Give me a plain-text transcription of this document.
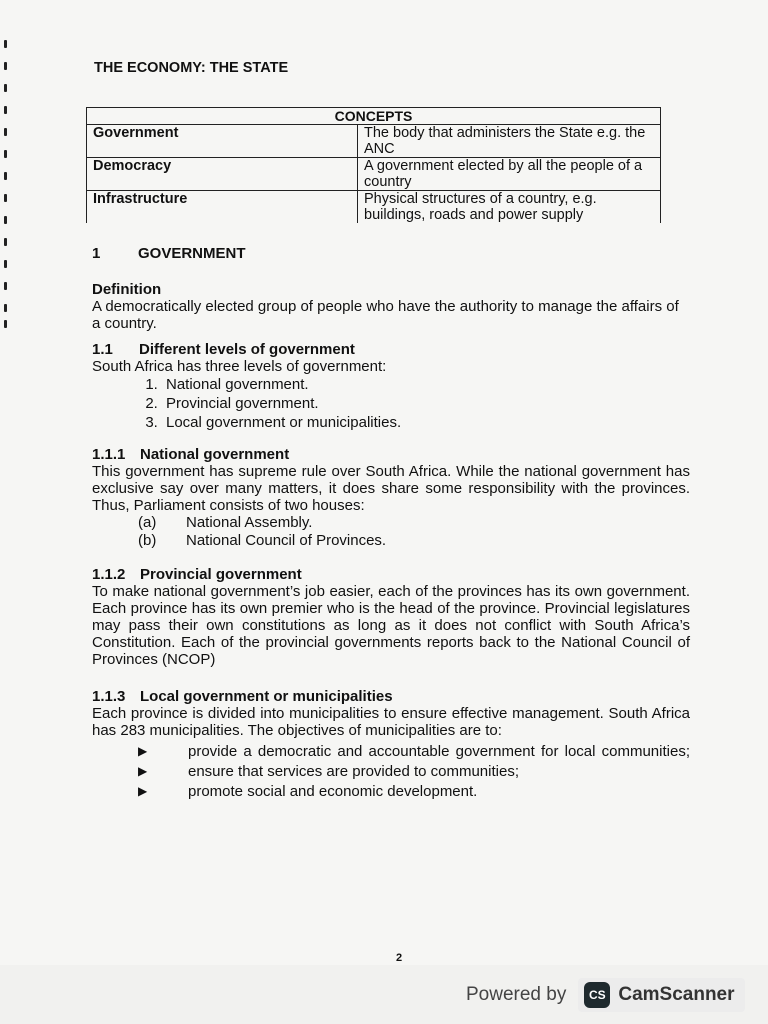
THE ECONOMY: THE STATE
CONCEPTS	
Government	The body that administers the State e.g. the ANC
Democracy	A government elected by all the people of a country
Infrastructure	Physical structures of a country, e.g. buildings, roads and power supply
1	GOVERNMENT
Definition
A democratically elected group of people who have the authority to manage the affairs of a country.
1.1 Different levels of government
South Africa has three levels of government:
1. National government.
2. Provincial government.
3. Local government or municipalities.
1.1.1 National government
This government has supreme rule over South Africa. While the national government has exclusive say over many matters, it does share some responsibility with the provinces. Thus, Parliament consists of two houses:
(a)	National Assembly.
(b)	National Council of Provinces.
1.1.2 Provincial government
To make national government’s job easier, each of the provinces has its own government. Each province has its own premier who is the head of the province. Provincial legislatures may pass their own constitutions as long as it does not conflict with South Africa’s Constitution. Each of the provincial governments reports back to the National Council of Provinces (NCOP)
1.1.3 Local government or municipalities
Each province is divided into municipalities to ensure effective management. South Africa has 283 municipalities. The objectives of municipalities are to:
▶	provide a democratic and accountable government for local communities;
▶	ensure that services are provided to communities;
▶	promote social and economic development.
2
Powered by	CS CamScanner
